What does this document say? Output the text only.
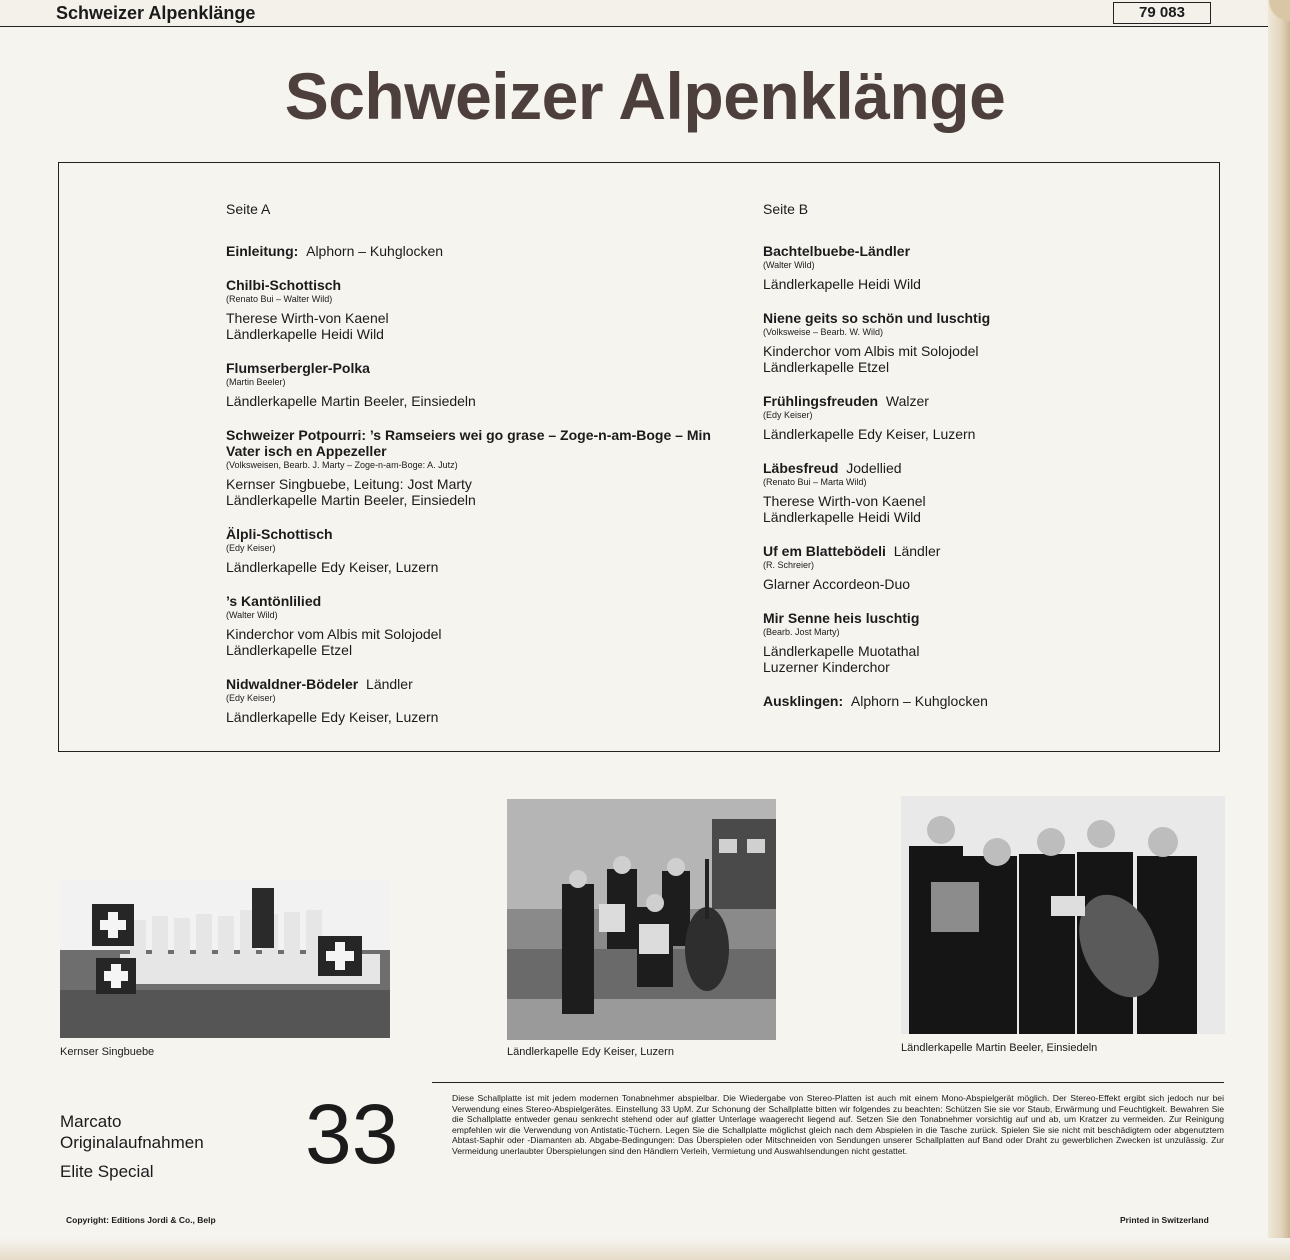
Schweizer Alpenklänge	79 083
Schweizer Alpenklänge
Seite A
Einleitung: Alphorn – Kuhglocken
Chilbi-Schottisch
(Renato Bui – Walter Wild)
Therese Wirth-von Kaenel
Ländlerkapelle Heidi Wild
Flumserbergler-Polka
(Martin Beeler)
Ländlerkapelle Martin Beeler, Einsiedeln
Schweizer Potpourri: ’s Ramseiers wei go grase – Zoge-n-am-Boge – Min Vater isch en Appezeller
(Volksweisen, Bearb. J. Marty – Zoge-n-am-Boge: A. Jutz)
Kernser Singbuebe, Leitung: Jost Marty
Ländlerkapelle Martin Beeler, Einsiedeln
Älpli-Schottisch
(Edy Keiser)
Ländlerkapelle Edy Keiser, Luzern
’s Kantönlilied
(Walter Wild)
Kinderchor vom Albis mit Solojodel
Ländlerkapelle Etzel
Nidwaldner-Bödeler Ländler
(Edy Keiser)
Ländlerkapelle Edy Keiser, Luzern
Seite B
Bachtelbuebe-Ländler
(Walter Wild)
Ländlerkapelle Heidi Wild
Niene geits so schön und luschtig
(Volksweise – Bearb. W. Wild)
Kinderchor vom Albis mit Solojodel
Ländlerkapelle Etzel
Frühlingsfreuden Walzer
(Edy Keiser)
Ländlerkapelle Edy Keiser, Luzern
Läbesfreud Jodellied
(Renato Bui – Marta Wild)
Therese Wirth-von Kaenel
Ländlerkapelle Heidi Wild
Uf em Blattebödeli Ländler
(R. Schreier)
Glarner Accordeon-Duo
Mir Senne heis luschtig
(Bearb. Jost Marty)
Ländlerkapelle Muotathal
Luzerner Kinderchor
Ausklingen: Alphorn – Kuhglocken
Kernser Singbuebe	Ländlerkapelle Edy Keiser, Luzern	Ländlerkapelle Martin Beeler, Einsiedeln
Marcato
Originalaufnahmen
Elite Special 33	Diese Schallplatte ist mit jedem modernen Tonabnehmer abspielbar. Die Wiedergabe von Stereo-Platten ist auch mit einem Mono-Abspielgerät möglich. Der Stereo-Effekt ergibt sich jedoch nur bei Verwendung eines Stereo-Abspielgerätes. Einstellung 33 UpM. Zur Schonung der Schallplatte bitten wir folgendes zu beachten: Schützen Sie sie vor Staub, Erwärmung und Feuchtigkeit. Bewahren Sie die Schallplatte entweder genau senkrecht stehend oder auf glatter Unterlage waagerecht liegend auf. Setzen Sie den Tonabnehmer vorsichtig auf und ab, um Kratzer zu vermeiden. Zur Reinigung empfehlen wir die Verwendung von Antistatic-Tüchern. Legen Sie die Schallplatte möglichst gleich nach dem Abspielen in die Tasche zurück. Spielen Sie sie nicht mit beschädigtem oder abgenutztem Abtast-Saphir oder -Diamanten ab. Abgabe-Bedingungen: Das Überspielen oder Mitschneiden von Sendungen unserer Schallplatten auf Band oder Draht zu gewerblichen Zwecken ist unzulässig. Zur Vermeidung unerlaubter Überspielungen sind den Händlern Verleih, Vermietung und Auswahlsendungen nicht gestattet.
Copyright: Editions Jordi & Co., Belp	Printed in Switzerland
